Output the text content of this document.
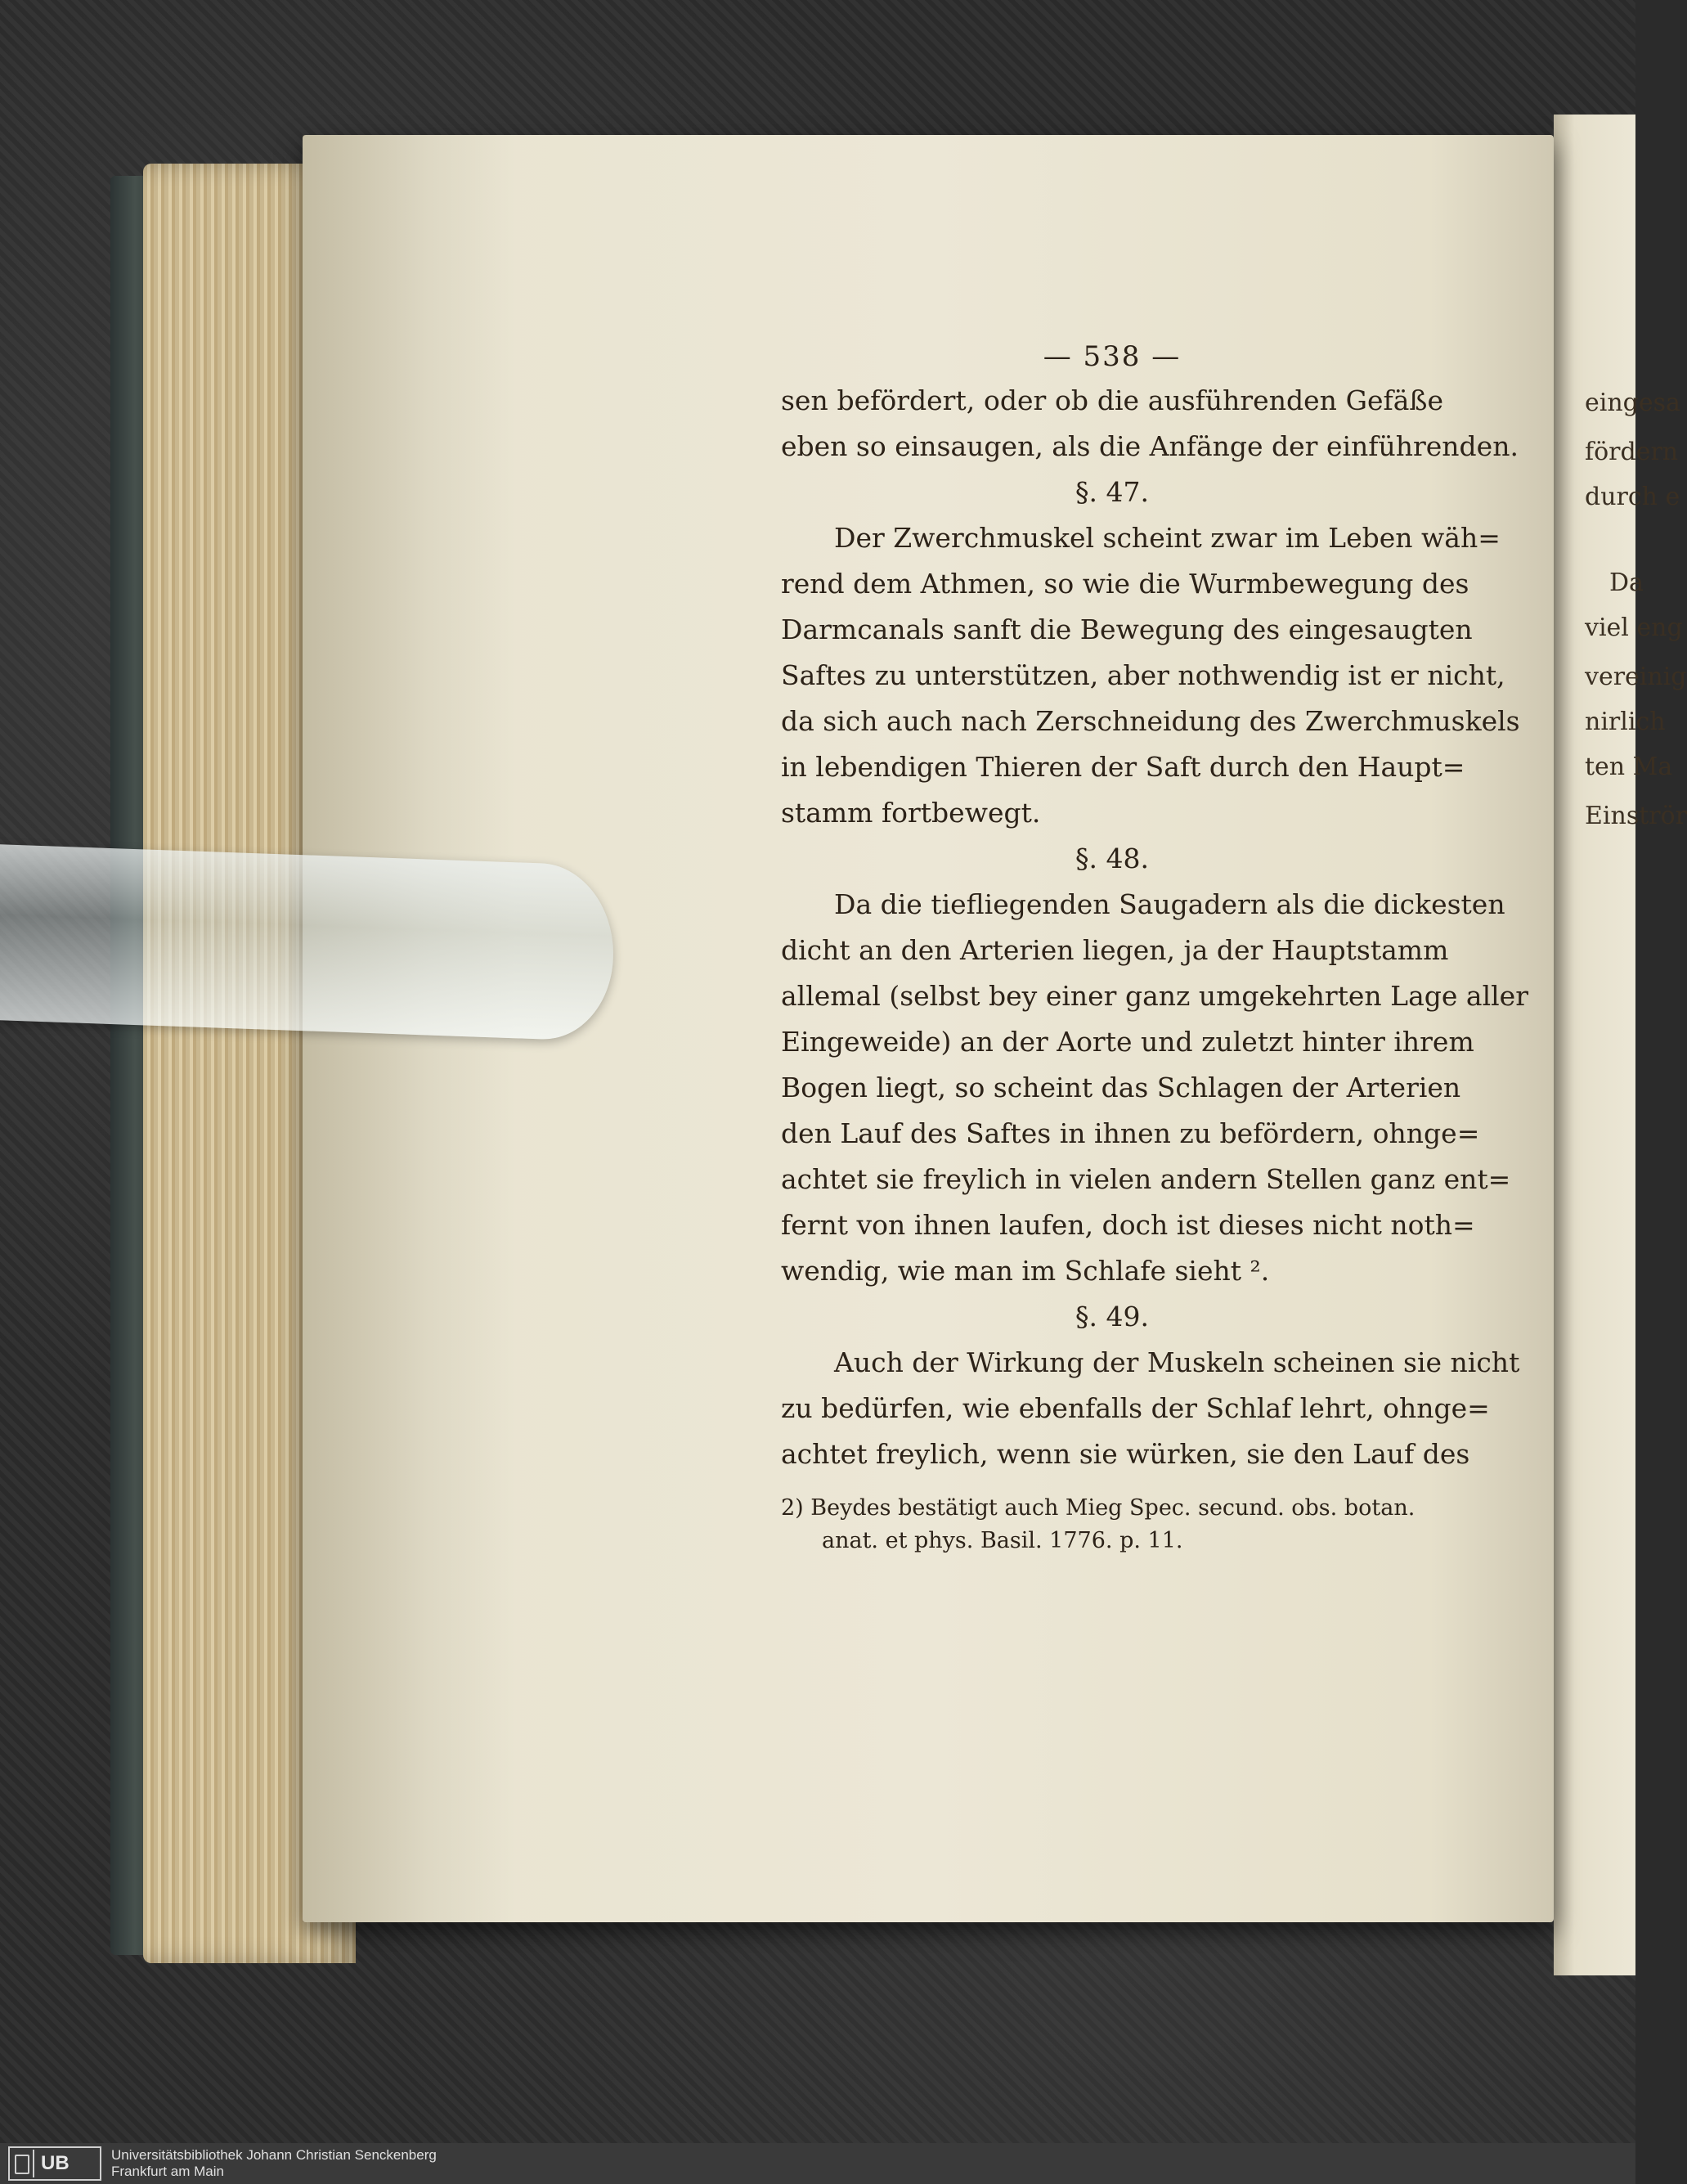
eingesa
fördern
durch e
Da
viel eng
vereinig
nirlich
ten Ma
Einströr
— 538 —
sen befördert, oder ob die ausführenden Gefäße
eben so einsaugen, als die Anfänge der einführenden.
§. 47.
Der Zwerchmuskel scheint zwar im Leben wäh=
rend dem Athmen, so wie die Wurmbewegung des
Darmcanals sanft die Bewegung des eingesaugten
Saftes zu unterstützen, aber nothwendig ist er nicht,
da sich auch nach Zerschneidung des Zwerchmuskels
in lebendigen Thieren der Saft durch den Haupt=
stamm fortbewegt.
§. 48.
Da die tiefliegenden Saugadern als die dickesten
dicht an den Arterien liegen, ja der Hauptstamm
allemal (selbst bey einer ganz umgekehrten Lage aller
Eingeweide) an der Aorte und zuletzt hinter ihrem
Bogen liegt, so scheint das Schlagen der Arterien
den Lauf des Saftes in ihnen zu befördern, ohnge=
achtet sie freylich in vielen andern Stellen ganz ent=
fernt von ihnen laufen, doch ist dieses nicht noth=
wendig, wie man im Schlafe sieht ².
§. 49.
Auch der Wirkung der Muskeln scheinen sie nicht
zu bedürfen, wie ebenfalls der Schlaf lehrt, ohnge=
achtet freylich, wenn sie würken, sie den Lauf des
2) Beydes bestätigt auch Mieg Spec. secund. obs. botan.
anat. et phys. Basil. 1776. p. 11.
UB	Universitätsbibliothek Johann Christian Senckenberg
Frankfurt am Main
